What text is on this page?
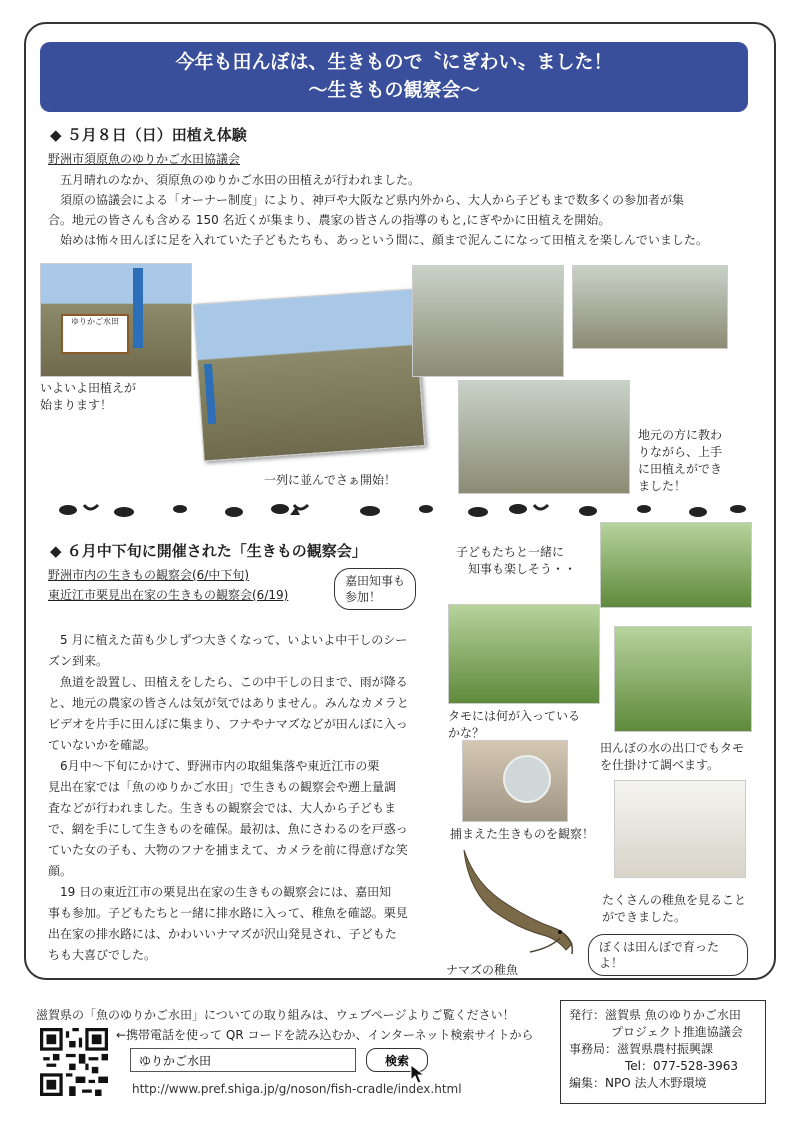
今年も田んぼは、生きもので〝にぎわい〟ました！
～生きもの観察会～
◆ ５月８日（日）田植え体験
野洲市須原魚のゆりかご水田協議会
五月晴れのなか、須原魚のゆりかご水田の田植えが行われました。
須原の協議会による「オーナー制度」により、神戸や大阪など県内外から、大人から子どもまで数多くの参加者が集
合。地元の皆さんも含める 150 名近くが集まり、農家の皆さんの指導のもと,にぎやかに田植えを開始。
始めは怖々田んぼに足を入れていた子どもたちも、あっという間に、顔まで泥んこになって田植えを楽しんでいました。
ゆりかご水田
いよいよ田植えが
始まります！
一列に並んでさぁ開始！
地元の方に教わ
りながら、上手
に田植えができ
ました！
◆ ６月中下旬に開催された「生きもの観察会」
野洲市内の生きもの観察会(6/中下旬)
東近江市栗見出在家の生きもの観察会(6/19)
嘉田知事も
参加！
　5 月に植えた苗も少しずつ大きくなって、いよいよ中干しのシー
ズン到来。
　魚道を設置し、田植えをしたら、この中干しの日まで、雨が降る
と、地元の農家の皆さんは気が気ではありません。みんなカメラと
ビデオを片手に田んぼに集まり、フナやナマズなどが田んぼに入っ
ていないかを確認。
　6月中～下旬にかけて、野洲市内の取組集落や東近江市の栗
見出在家では「魚のゆりかご水田」で生きもの観察会や遡上量調
査などが行われました。生きもの観察会では、大人から子どもま
で、網を手にして生きものを確保。最初は、魚にさわるのを戸惑っ
ていた女の子も、大物のフナを捕まえて、カメラを前に得意げな笑
顔。
　19 日の東近江市の栗見出在家の生きもの観察会には、嘉田知
事も参加。子どもたちと一緒に排水路に入って、稚魚を確認。栗見
出在家の排水路には、かわいいナマズが沢山発見され、子どもた
ちも大喜びでした。
子どもたちと一緒に
知事も楽しそう・・
タモには何が入っている
かな？
田んぼの水の出口でもタモ
を仕掛けて調べます。
捕まえた生きものを観察！
たくさんの稚魚を見ること
ができました。
ナマズの稚魚
ぼくは田んぼで育った
よ！
滋賀県の「魚のゆりかご水田」についての取り組みは、ウェブページよりご覧ください！
←携帯電話を使って QR コードを読み込むか、インターネット検索サイトから
ゆりかご水田
検索
http://www.pref.shiga.jp/g/noson/fish-cradle/index.html
発行：滋賀県 魚のゆりかご水田
プロジェクト推進協議会
事務局：滋賀県農村振興課
Tel：077-528-3963
編集：NPO 法人木野環境
